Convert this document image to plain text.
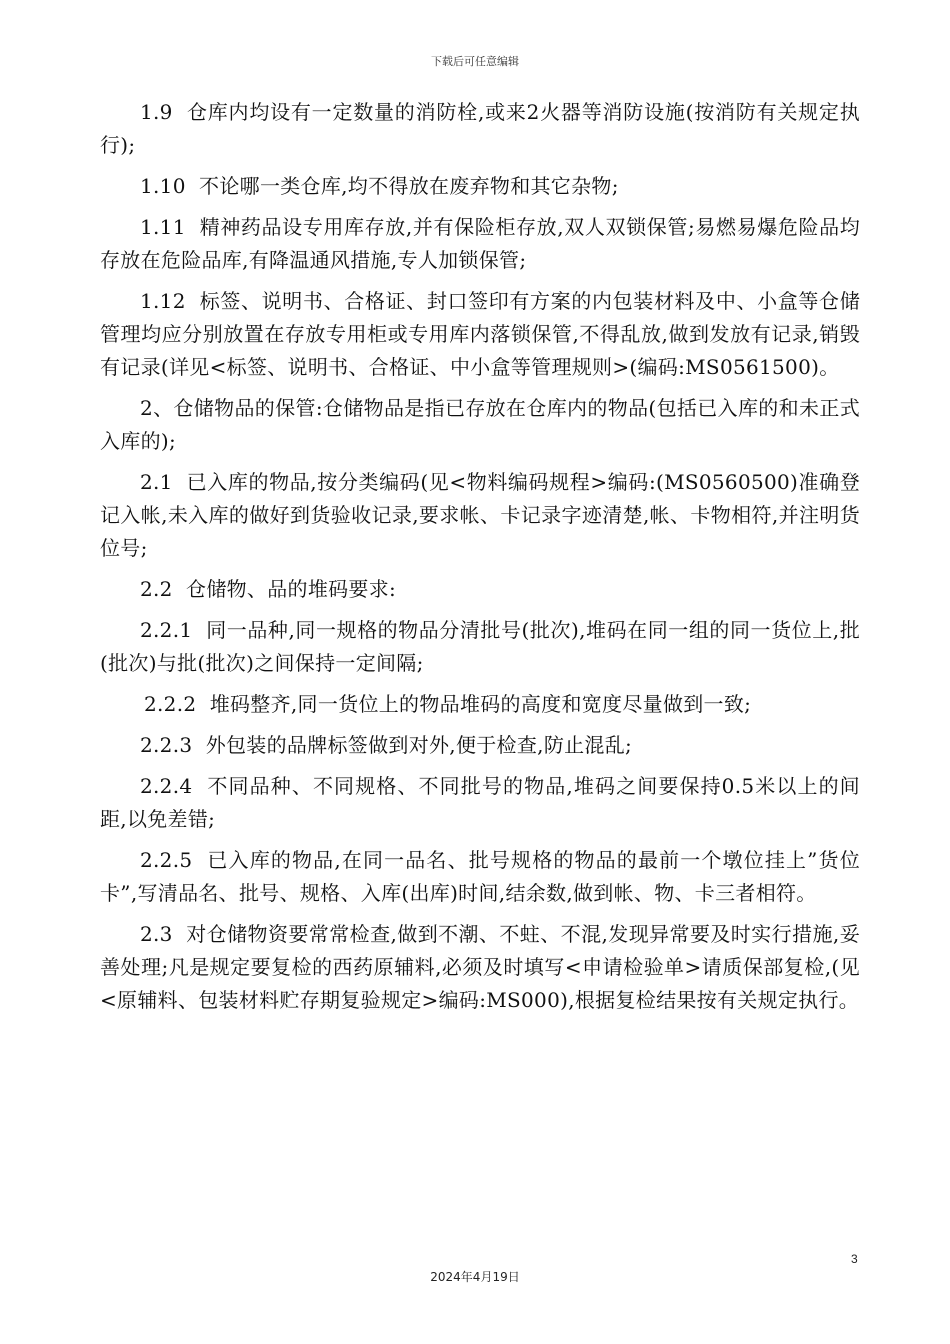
下载后可任意编辑

1.9  仓库内均设有一定数量的消防栓,或来2火器等消防设施(按消防有关规定执行);

1.10  不论哪一类仓库,均不得放在废弃物和其它杂物;

1.11  精神药品设专用库存放,并有保险柜存放,双人双锁保管;易燃易爆危险品均存放在危险品库,有降温通风措施,专人加锁保管;

1.12  标签、说明书、合格证、封口签印有方案的内包装材料及中、小盒等仓储管理均应分别放置在存放专用柜或专用库内落锁保管,不得乱放,做到发放有记录,销毁有记录(详见<标签、说明书、合格证、中小盒等管理规则>(编码:MS0561500)。

2、仓储物品的保管:仓储物品是指已存放在仓库内的物品(包括已入库的和未正式入库的);

2.1  已入库的物品,按分类编码(见<物料编码规程>编码:(MS0560500)准确登记入帐,未入库的做好到货验收记录,要求帐、卡记录字迹清楚,帐、卡物相符,并注明货位号;

2.2  仓储物、品的堆码要求:

2.2.1  同一品种,同一规格的物品分清批号(批次),堆码在同一组的同一货位上,批(批次)与批(批次)之间保持一定间隔;

2.2.2  堆码整齐,同一货位上的物品堆码的高度和宽度尽量做到一致;

2.2.3  外包装的品牌标签做到对外,便于检查,防止混乱;

2.2.4  不同品种、不同规格、不同批号的物品,堆码之间要保持0.5米以上的间距,以免差错;

2.2.5  已入库的物品,在同一品名、批号规格的物品的最前一个墩位挂上”货位卡”,写清品名、批号、规格、入库(出库)时间,结余数,做到帐、物、卡三者相符。

2.3  对仓储物资要常常检查,做到不潮、不蛀、不混,发现异常要及时实行措施,妥善处理;凡是规定要复检的西药原辅料,必须及时填写<申请检验单>请质保部复检,(见<原辅料、包装材料贮存期复验规定>编码:MS000),根据复检结果按有关规定执行。

3
2024年4月19日
